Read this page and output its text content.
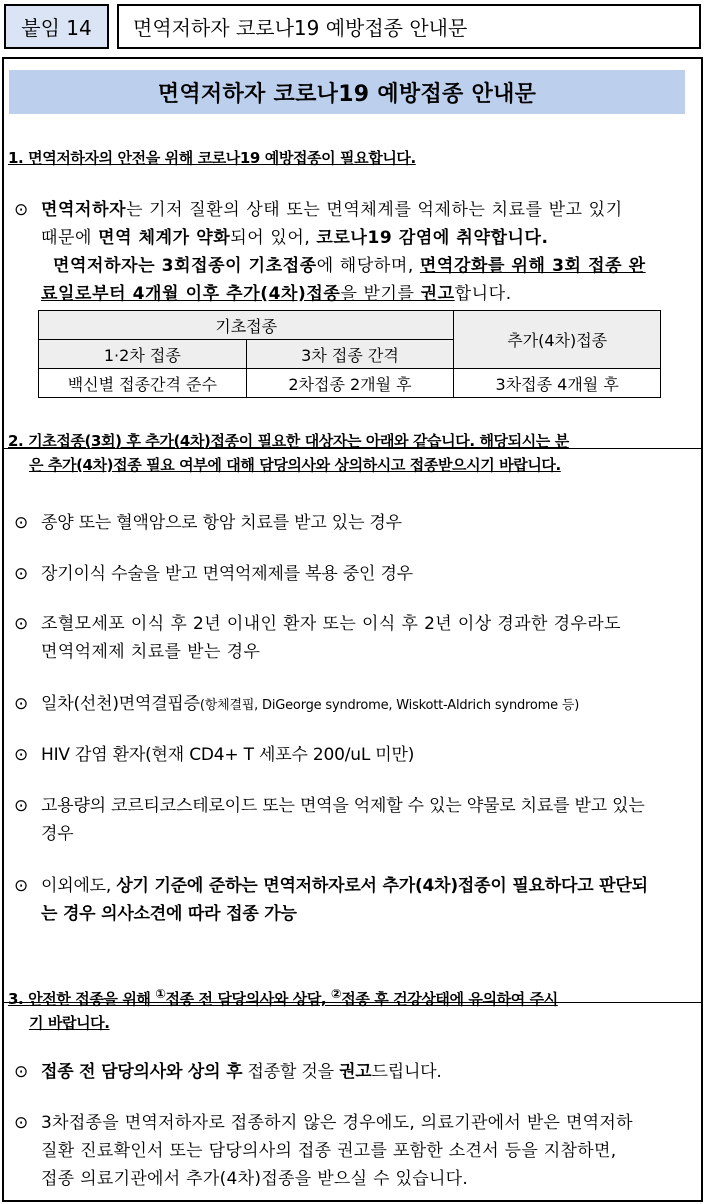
붙임 14 면역저하자 코로나19 예방접종 안내문
면역저하자 코로나19 예방접종 안내문
1. 면역저하자의 안전을 위해 코로나19 예방접종이 필요합니다.
⊙ 면역저하자는 기저 질환의 상태 또는 면역체계를 억제하는 치료를 받고 있기
때문에 면역 체계가 약화되어 있어, 코로나19 감염에 취약합니다.
면역저하자는 3회접종이 기초접종에 해당하며, 면역강화를 위해 3회 접종 완
료일로부터 4개월 이후 추가(4차)접종을 받기를 권고합니다.
기초접종		추가(4차)접종
1·2차 접종	3차 접종 간격	
백신별 접종간격 준수	2차접종 2개월 후	3차접종 4개월 후
2. 기초접종(3회) 후 추가(4차)접종이 필요한 대상자는 아래와 같습니다. 해당되시는 분
은 추가(4차)접종 필요 여부에 대해 담당의사와 상의하시고 접종받으시기 바랍니다.
⊙ 종양 또는 혈액암으로 항암 치료를 받고 있는 경우
⊙ 장기이식 수술을 받고 면역억제제를 복용 중인 경우
⊙ 조혈모세포 이식 후 2년 이내인 환자 또는 이식 후 2년 이상 경과한 경우라도
면역억제제 치료를 받는 경우
⊙ 일차(선천)면역결핍증(항체결핍, DiGeorge syndrome, Wiskott-Aldrich syndrome 등)
⊙ HIV 감염 환자(현재 CD4+ T 세포수 200/uL 미만)
⊙ 고용량의 코르티코스테로이드 또는 면역을 억제할 수 있는 약물로 치료를 받고 있는
경우
⊙ 이외에도, 상기 기준에 준하는 면역저하자로서 추가(4차)접종이 필요하다고 판단되
는 경우 의사소견에 따라 접종 가능
3. 안전한 접종을 위해 ①접종 전 담당의사와 상담, ②접종 후 건강상태에 유의하여 주시
기 바랍니다.
⊙ 접종 전 담당의사와 상의 후 접종할 것을 권고드립니다.
⊙ 3차접종을 면역저하자로 접종하지 않은 경우에도, 의료기관에서 받은 면역저하
질환 진료확인서 또는 담당의사의 접종 권고를 포함한 소견서 등을 지참하면,
접종 의료기관에서 추가(4차)접종을 받으실 수 있습니다.
